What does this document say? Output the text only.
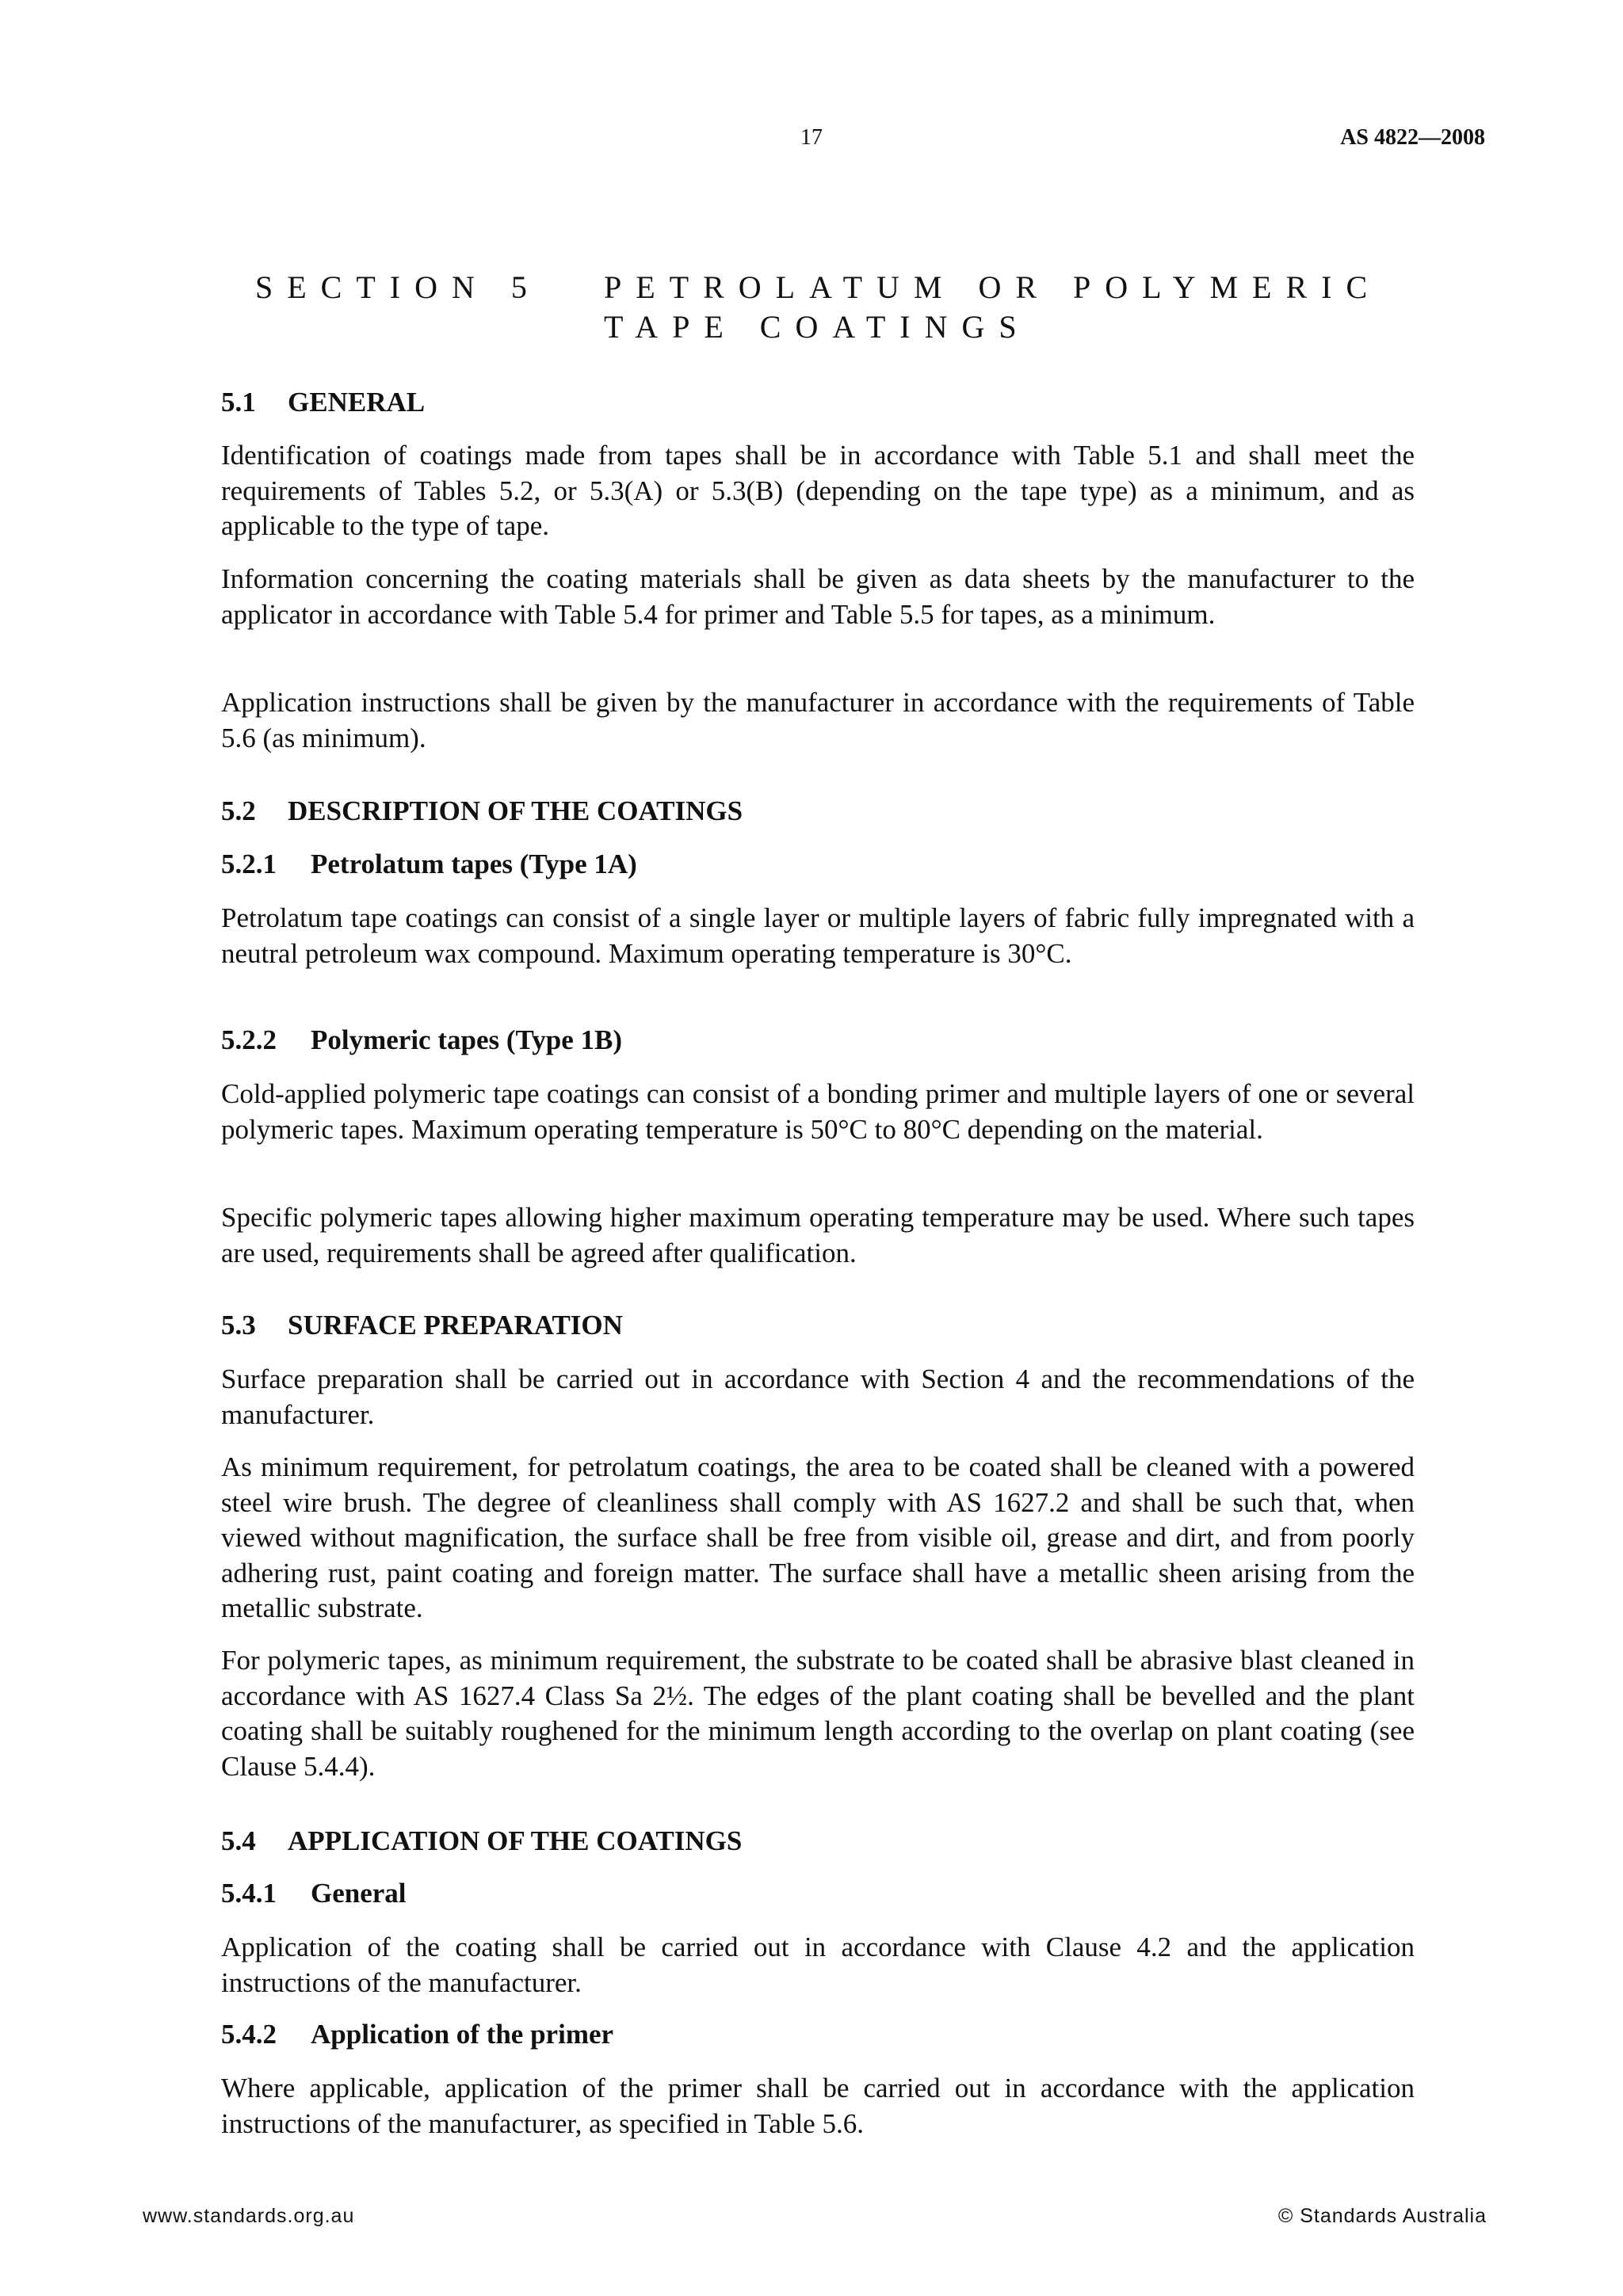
17	AS 4822—2008
SECTION 5 PETROLATUM OR POLYMERIC
TAPE COATINGS
5.1 GENERAL
Identification of coatings made from tapes shall be in accordance with Table 5.1 and shall meet the requirements of Tables 5.2, or 5.3(A) or 5.3(B) (depending on the tape type) as a minimum, and as applicable to the type of tape.
Information concerning the coating materials shall be given as data sheets by the manufacturer to the applicator in accordance with Table 5.4 for primer and Table 5.5 for tapes, as a minimum.
Application instructions shall be given by the manufacturer in accordance with the requirements of Table 5.6 (as minimum).
5.2 DESCRIPTION OF THE COATINGS
5.2.1 Petrolatum tapes (Type 1A)
Petrolatum tape coatings can consist of a single layer or multiple layers of fabric fully impregnated with a neutral petroleum wax compound. Maximum operating temperature is 30°C.
5.2.2 Polymeric tapes (Type 1B)
Cold-applied polymeric tape coatings can consist of a bonding primer and multiple layers of one or several polymeric tapes. Maximum operating temperature is 50°C to 80°C depending on the material.
Specific polymeric tapes allowing higher maximum operating temperature may be used. Where such tapes are used, requirements shall be agreed after qualification.
5.3 SURFACE PREPARATION
Surface preparation shall be carried out in accordance with Section 4 and the recommendations of the manufacturer.
As minimum requirement, for petrolatum coatings, the area to be coated shall be cleaned with a powered steel wire brush. The degree of cleanliness shall comply with AS 1627.2 and shall be such that, when viewed without magnification, the surface shall be free from visible oil, grease and dirt, and from poorly adhering rust, paint coating and foreign matter. The surface shall have a metallic sheen arising from the metallic substrate.
For polymeric tapes, as minimum requirement, the substrate to be coated shall be abrasive blast cleaned in accordance with AS 1627.4 Class Sa 2½. The edges of the plant coating shall be bevelled and the plant coating shall be suitably roughened for the minimum length according to the overlap on plant coating (see Clause 5.4.4).
5.4 APPLICATION OF THE COATINGS
5.4.1 General
Application of the coating shall be carried out in accordance with Clause 4.2 and the application instructions of the manufacturer.
5.4.2 Application of the primer
Where applicable, application of the primer shall be carried out in accordance with the application instructions of the manufacturer, as specified in Table 5.6.
www.standards.org.au	© Standards Australia
